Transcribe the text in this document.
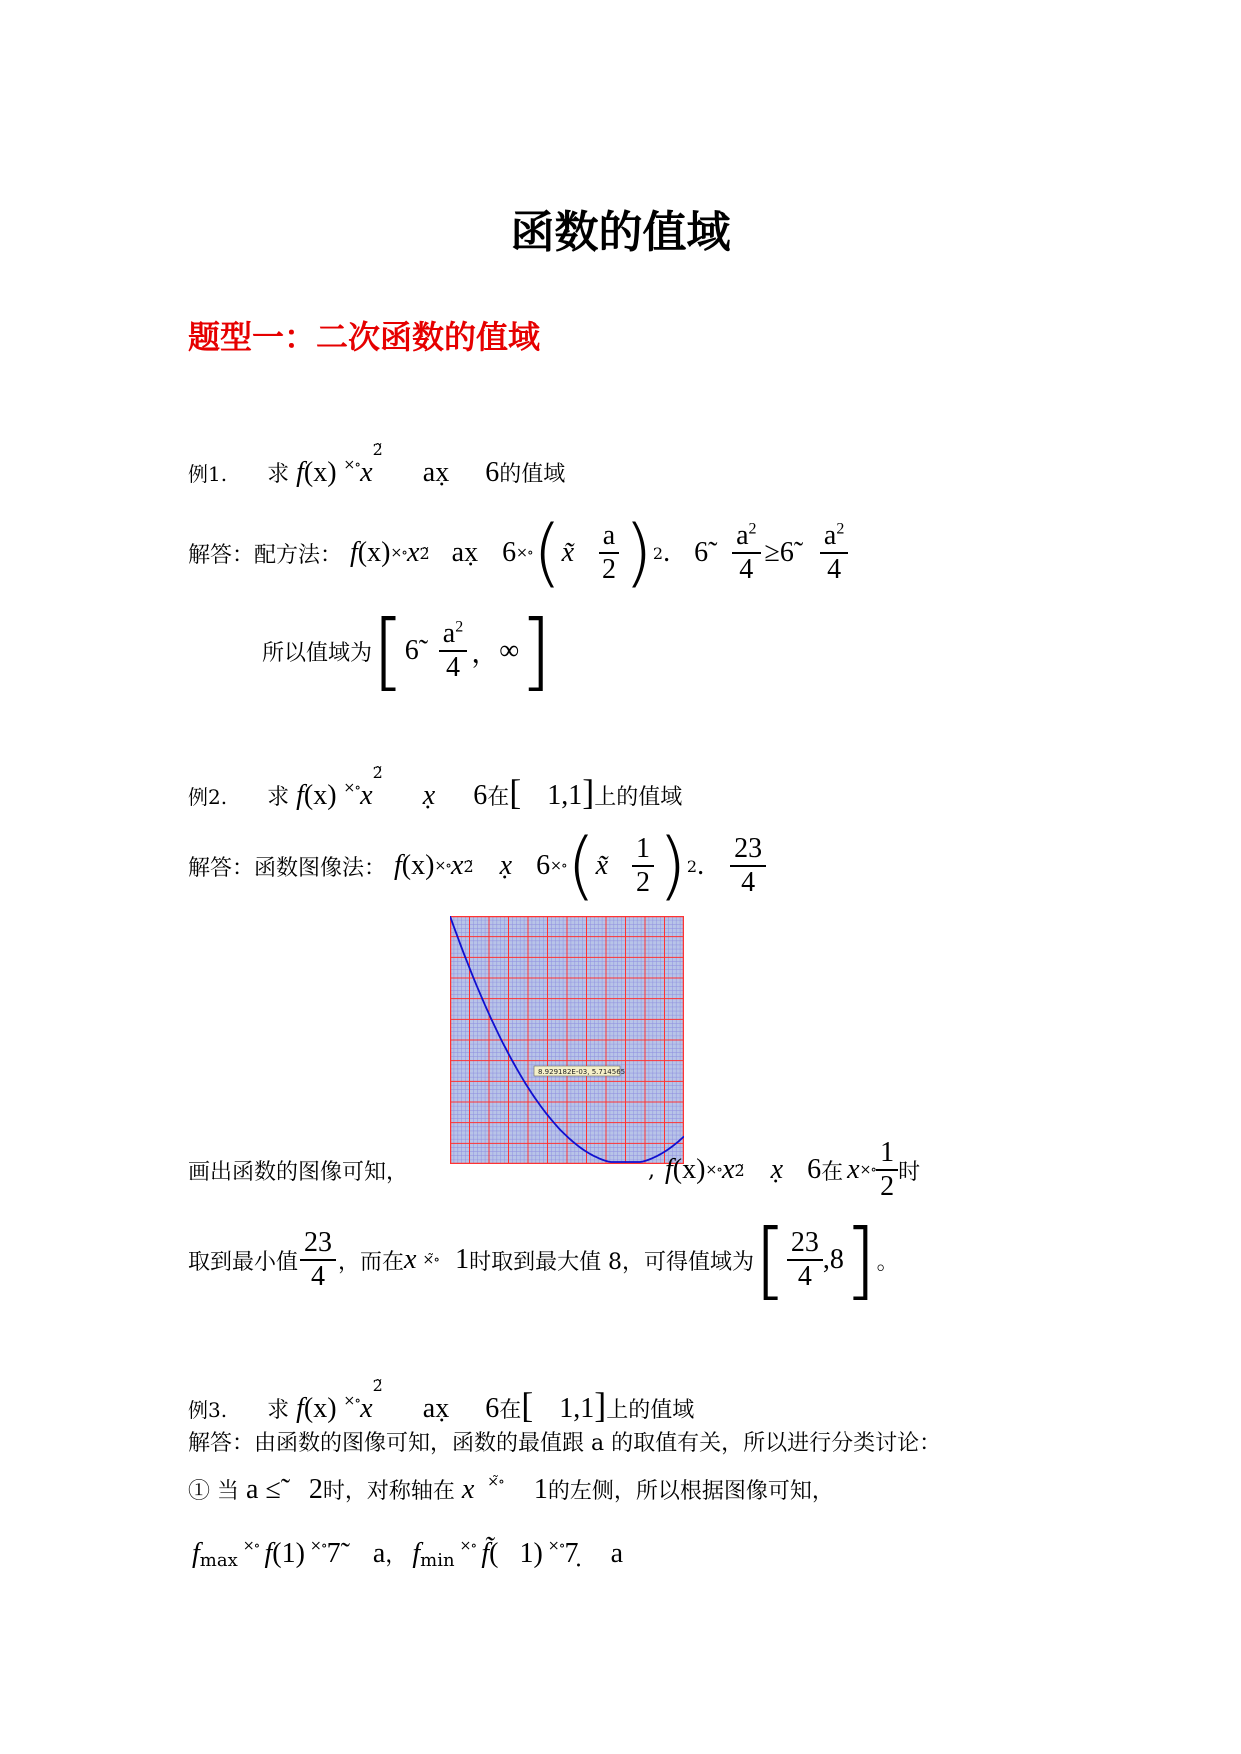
函数的值域
题型一：二次函数的值域
例1. 求 f(x) $^{\times\circ}x^{2̃}$  ax̣ 6的值域
解答：配方法： f (x) ×∘ x 2̃ ax̣ 6 ×∘ ( x̃ $\frac{a}{2}$ ) 2 . 6̃ $\frac{a^2}{4}$ ≥ 6̃ $\frac{a^2}{4}$
所以值域为 [ 6̃ $\frac{a^2}{4}$ ， ∞ ]
例2. 求 f(x) $^{\times\circ}x^{2̃}$  x̣ 6在[ 1,1]上的值域
解答：函数图像法： f (x) ×∘ x 2̃ x̣ 6 ×∘ ( x̃ $\frac{1}{2}$ ) 2 . $\frac{23}{4}$
8.929182E-03, 5.714565
画出函数的图像可知，	, f (x) ×∘ x 2̃ x̣ 6 在 x ×∘ $\frac{1}{2}$ 时
取到最小值 $\frac{23}{4}$ ，而在 x ×̃∘ 1 时取到最大值 8，可得值域为 [ $\frac{23}{4} ,8$ ] 。
例3. 求 f(x) $^{\times\circ}x^{2̃}$  ax̣ 6在[ 1,1]上的值域
解答：由函数的图像可知，函数的最值跟 a 的取值有关，所以进行分类讨论：
① 当 a ≤̃ 2时，对称轴在 x ×̃∘ 1的左侧，所以根据图像可知，
$f_{max}$ ×∘ f(1) ×∘7̃ a， $f_{min}$ ×∘ f̃(   1) ×∘7̣ a
